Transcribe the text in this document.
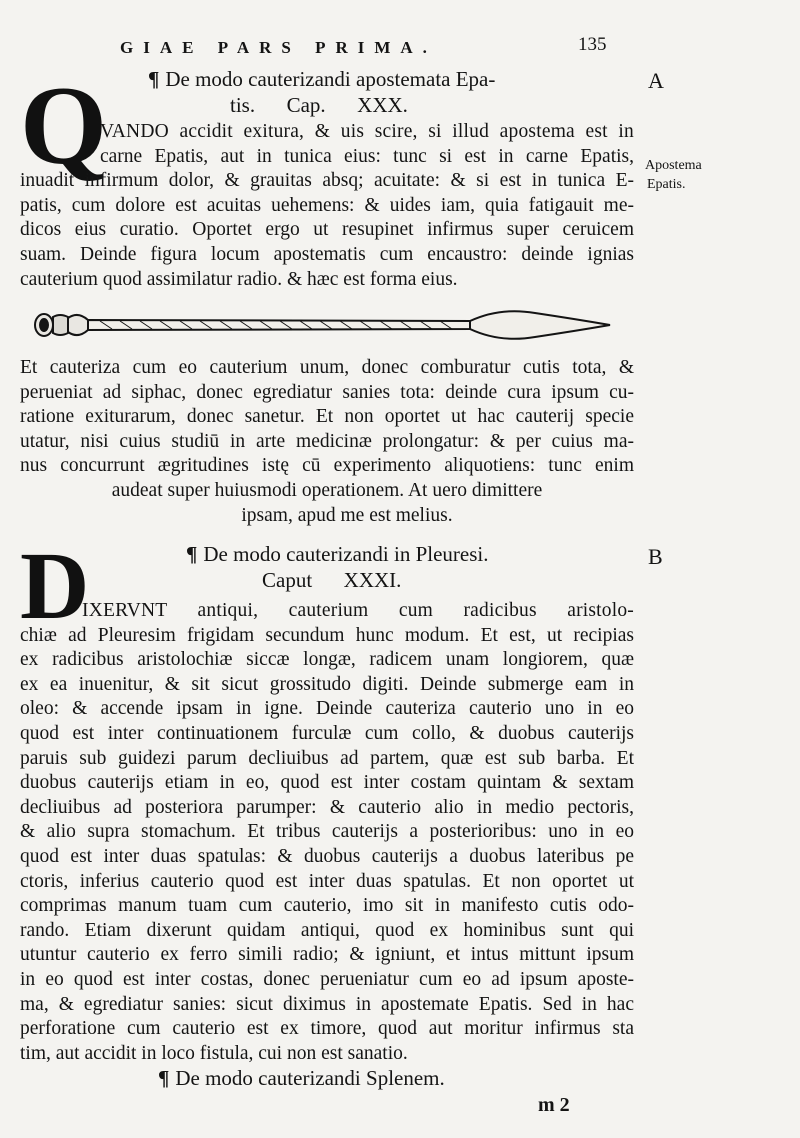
GIAE PARS PRIMA.	135
A
Apostema
Epatis.
B
¶ De modo cauterizandi apostemata Epa-
tis.      Cap.      XXX.
Q
VANDO accidit exitura, & uis scire, si illud apostema est in
carne Epatis, aut in tunica eius: tunc si est in carne Epatis,
inuadit infirmum dolor, & grauitas absq; acuitate: & si est in tunica E-
patis, cum dolore est acuitas uehemens: & uides iam, quia fatigauit me-
dicos eius curatio. Oportet ergo ut resupinet infirmus super ceruicem
suam. Deinde figura locum apostematis cum encaustro: deinde ignias
cauterium quod assimilatur radio. & hæc est forma eius.
Et cauteriza cum eo cauterium unum, donec comburatur cutis tota, &
perueniat ad siphac, donec egrediatur sanies tota: deinde cura ipsum cu-
ratione exiturarum, donec sanetur. Et non oportet ut hac cauterij specie
utatur, nisi cuius studiū in arte medicinæ prolongatur: & per cuius ma-
nus concurrunt ægritudines istę cū experimento aliquotiens: tunc enim
audeat super huiusmodi operationem. At uero dimittere
ipsam, apud me est melius.
¶ De modo cauterizandi in Pleuresi.
Caput      XXXI.
D
IXERVNT antiqui, cauterium cum radicibus aristolo-
chiæ ad Pleuresim frigidam secundum hunc modum. Et est, ut recipias
ex radicibus aristolochiæ siccæ longæ, radicem unam longiorem, quæ
ex ea inuenitur, & sit sicut grossitudo digiti. Deinde submerge eam in
oleo: & accende ipsam in igne. Deinde cauteriza cauterio uno in eo
quod est inter continuationem furculæ cum collo, & duobus cauterijs
paruis sub guidezi parum decliuibus ad partem, quæ est sub barba. Et
duobus cauterijs etiam in eo, quod est inter costam quintam & sextam
decliuibus ad posteriora parumper: & cauterio alio in medio pectoris,
& alio supra stomachum. Et tribus cauterijs a posterioribus: uno in eo
quod est inter duas spatulas: & duobus cauterijs a duobus lateribus pe
ctoris, inferius cauterio quod est inter duas spatulas. Et non oportet ut
comprimas manum tuam cum cauterio, imo sit in manifesto cutis odo-
rando. Etiam dixerunt quidam antiqui, quod ex hominibus sunt qui
utuntur cauterio ex ferro simili radio; & igniunt, et intus mittunt ipsum
in eo quod est inter costas, donec perueniatur cum eo ad ipsum aposte-
ma, & egrediatur sanies: sicut diximus in apostemate Epatis. Sed in hac
perforatione cum cauterio est ex timore, quod aut moritur infirmus sta
tim, aut accidit in loco fistula, cui non est sanatio.
¶ De modo cauterizandi Splenem.
m 2
